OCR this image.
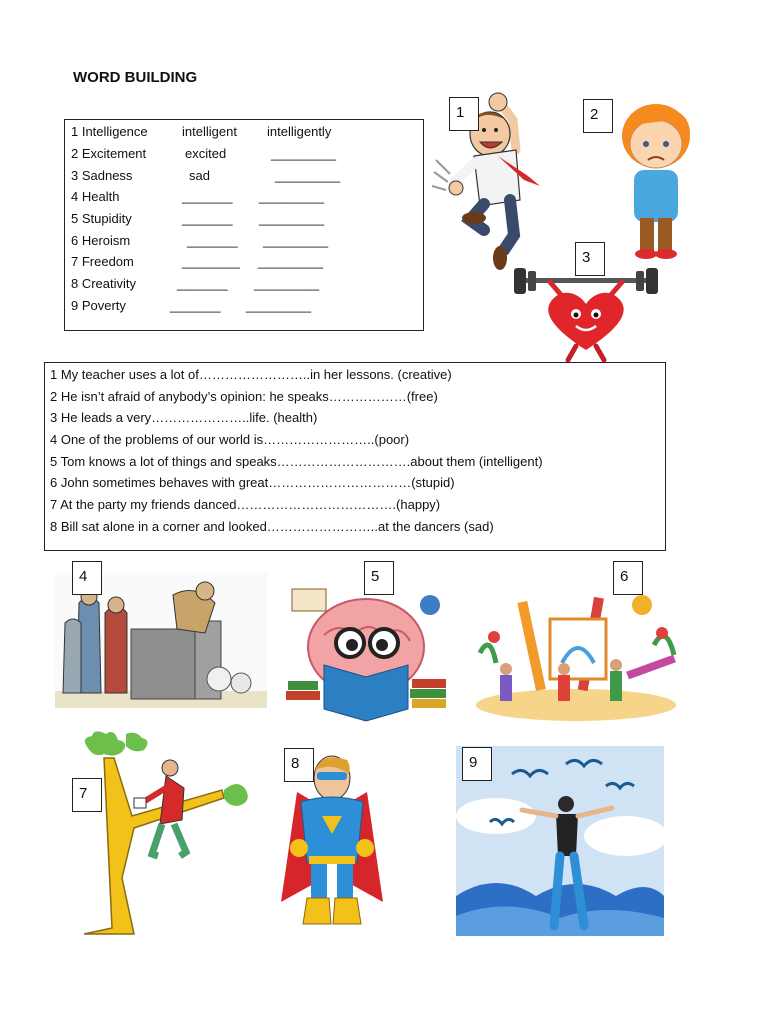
WORD BUILDING
1 Intelligence	intelligent intelligently
2 Excitement	excited	_________
3 Sadness	sad	_________
4 Health	_______ _________
5 Stupidity	_______ _________
6 Heroism	_______ _________
7 Freedom	________ _________
8 Creativity	_______ _________
9 Poverty	_______ _________
1	2
3
1 My teacher uses a lot of……………………..in her lessons. (creative)
2 He isn’t afraid of anybody’s opinion: he speaks………………(free)
3 He leads a very…………………..life. (health)
4 One of the problems of our world is……………………..(poor)
5 Tom knows a lot of things and speaks………………………….about them (intelligent)
6 John sometimes behaves with great……………………………(stupid)
7 At the party my friends danced……………………………….(happy)
8 Bill sat alone in a corner and looked……………………..at the dancers (sad)
4	5	6
7
8	9
